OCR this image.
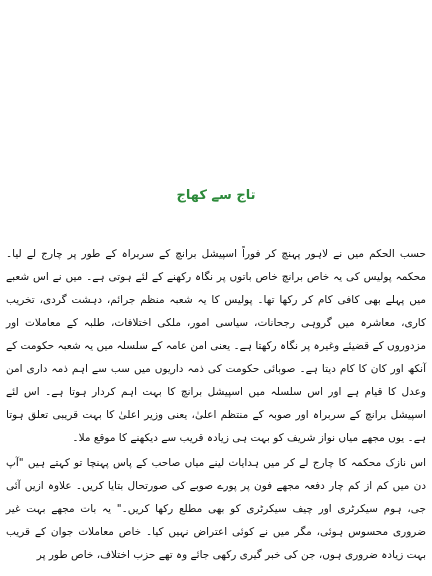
تاج سے کھاج

حسب الحکم میں نے لاہور پہنچ کر فوراً اسپیشل برانچ کے سربراہ کے طور پر چارج لے لیا۔ محکمہ پولیس کی یہ خاص برانچ خاص باتوں پر نگاہ رکھنے کے لئے ہوتی ہے۔ میں نے اس شعبے میں پہلے بھی کافی کام کر رکھا تھا۔ پولیس کا یہ شعبہ منظم جرائم، دہشت گردی، تخریب کاری، معاشرہ میں گروہی رجحانات، سیاسی امور، ملکی اختلافات، طلبہ کے معاملات اور مزدوروں کے قضیئے وغیرہ پر نگاہ رکھتا ہے۔ یعنی امن عامہ کے سلسلہ میں یہ شعبہ حکومت کے آنکھ اور کان کا کام دیتا ہے۔ صوبائی حکومت کی ذمہ داریوں میں سب سے اہم ذمہ داری امن وعدل کا قیام ہے اور اس سلسلہ میں اسپیشل برانچ کا بہت اہم کردار ہوتا ہے۔ اس لئے اسپیشل برانچ کے سربراہ اور صوبہ کے منتظم اعلیٰ، یعنی وزیر اعلیٰ کا بہت قریبی تعلق ہوتا ہے۔ یوں مجھے میاں نواز شریف کو بہت ہی زیادہ قریب سے دیکھنے کا موقع ملا۔

اس نازک محکمہ کا چارج لے کر میں ہدایات لینے میاں صاحب کے پاس پہنچا تو کہتے ہیں "آپ دن میں کم از کم چار دفعہ مجھے فون پر پورے صوبے کی صورتحال بتایا کریں۔ علاوہ ازیں آئی جی، ہوم سیکرٹری اور چیف سیکرٹری کو بھی مطلع رکھا کریں۔" یہ بات مجھے بہت غیر ضروری محسوس ہوئی، مگر میں نے کوئی اعتراض نہیں کیا۔ خاص معاملات جوان کے قریب بہت زیادہ ضروری ہوں، جن کی خبر گیری رکھی جائے وہ تھے حزب اختلاف، خاص طور پر
